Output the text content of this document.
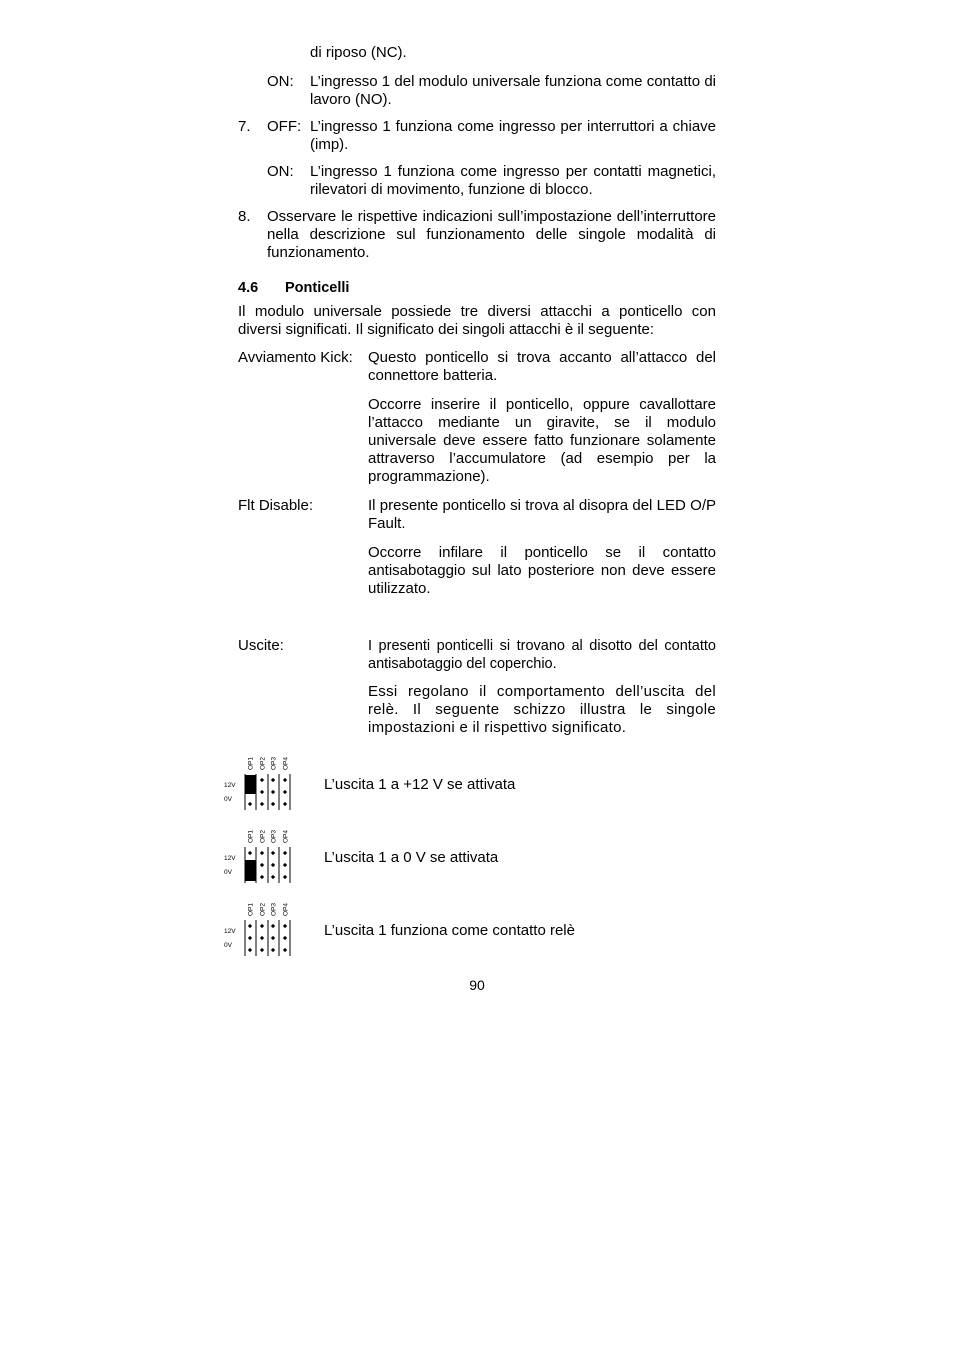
di riposo (NC).
ON: L’ingresso 1 del modulo universale funziona come contatto di lavoro (NO).
7. OFF: L’ingresso 1 funziona come ingresso per interruttori a chiave (imp).
ON: L’ingresso 1 funziona come ingresso per contatti magnetici, rilevatori di movimento, funzione di blocco.
8. Osservare le rispettive indicazioni sull’impostazione dell’interruttore nella descrizione sul funzionamento delle singole modalità di funzionamento.
4.6 Ponticelli
Il modulo universale possiede tre diversi attacchi a ponticello con diversi significati. Il significato dei singoli attacchi è il seguente:
Avviamento Kick: Questo ponticello si trova accanto all’attacco del connettore batteria.
Occorre inserire il ponticello, oppure cavallottare l’attacco mediante un giravite, se il modulo universale deve essere fatto funzionare solamente attraverso l’accumulatore (ad esempio per la programmazione).
Flt Disable:	Il presente ponticello si trova al disopra del LED O/P Fault.
Occorre infilare il ponticello se il contatto antisabotaggio sul lato posteriore non deve essere utilizzato.
Uscite:	I presenti ponticelli si trovano al disotto del contatto antisabotaggio del coperchio.
Essi regolano il comportamento dell’uscita del relè. Il seguente schizzo illustra le singole impostazioni e il rispettivo significato.
OP1 OP2 OP3 OP4
12V
0V
L’uscita 1 a +12 V se attivata
OP1 OP2 OP3 OP4
12V
0V
L’uscita 1 a 0 V se attivata
OP1 OP2 OP3 OP4
12V
0V
L’uscita 1 funziona come contatto relè
90
